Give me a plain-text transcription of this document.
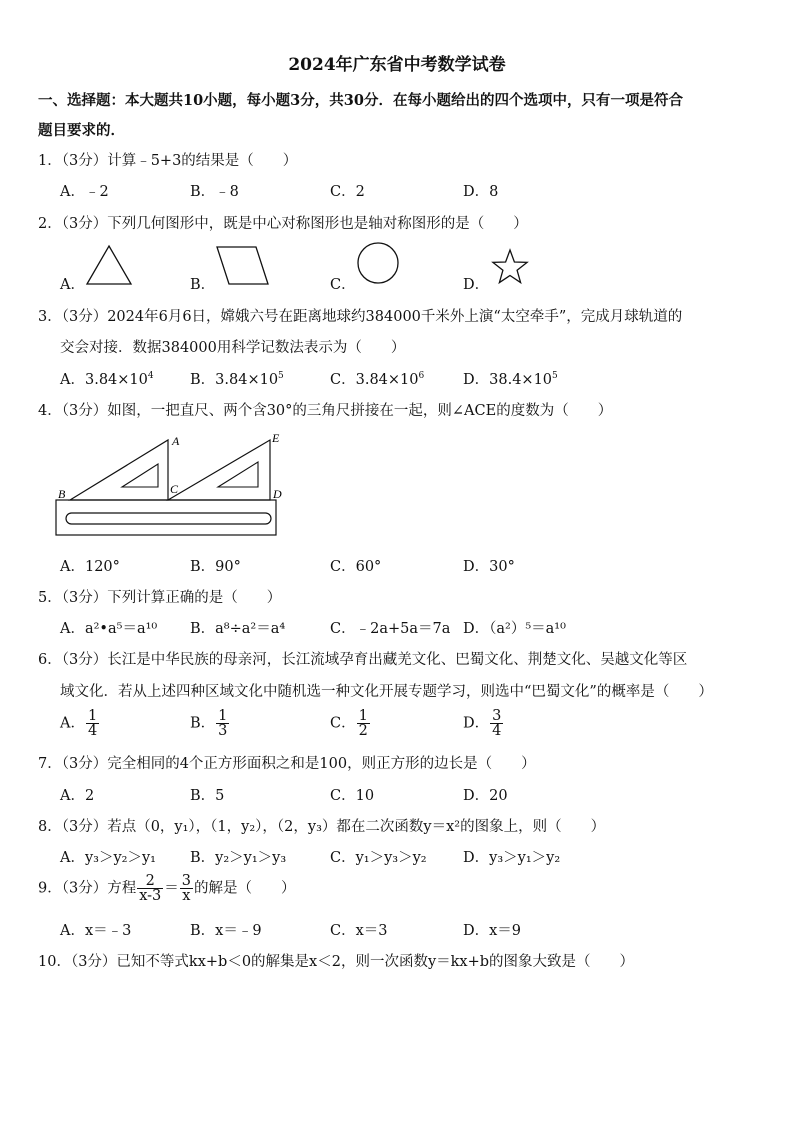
2024年广东省中考数学试卷
一、选择题：本大题共10小题，每小题3分，共30分．在每小题给出的四个选项中，只有一项是符合
题目要求的．
1．（3分）计算﹣5+3的结果是（　　）
A．﹣2	B．﹣8	C．2	D．8
2．（3分）下列几何图形中，既是中心对称图形也是轴对称图形的是（　　）
A．	B．	C．	D．
3．（3分）2024年6月6日，嫦娥六号在距离地球约384000千米外上演“太空牵手”，完成月球轨道的
交会对接．数据384000用科学记数法表示为（　　）
A．$3.84\times 10^4$	B．$3.84\times 10^5$	C．$3.84\times 10^6$	D．$38.4\times 10^5$
4．（3分）如图，一把直尺、两个含30°的三角尺拼接在一起，则∠ACE的度数为（　　）
A
B	C	D
E
A．120°	B．90°	C．60°	D．30°
5．（3分）下列计算正确的是（　　）
A．a²•a⁵＝a¹⁰ B．a⁸÷a²＝a⁴	C．﹣2a+5a＝7a D．（a²）⁵＝a¹⁰
6．（3分）长江是中华民族的母亲河，长江流域孕育出藏羌文化、巴蜀文化、荆楚文化、吴越文化等区
域文化．若从上述四种区域文化中随机选一种文化开展专题学习，则选中“巴蜀文化”的概率是（　　）
A． $\frac{1}{4}$	B． $\frac{1}{3}$	C． $\frac{1}{2}$	D． $\frac{3}{4}$
7．（3分）完全相同的4个正方形面积之和是100，则正方形的边长是（　　）
A．2	B．5	C．10	D．20
8．（3分）若点（0，y₁），（1，y₂），（2，y₃）都在二次函数y＝x²的图象上，则（　　）
A．y₃＞y₂＞y₁ B．y₂＞y₁＞y₃	C．y₁＞y₃＞y₂	D．y₃＞y₁＞y₂
9．（3分）方程 $\frac{2}{x-3} = \frac{3}{x}$ 的解是（　　）
A．x＝﹣3	B．x＝﹣9	C．x＝3	D．x＝9
10．（3分）已知不等式kx+b＜0的解集是x＜2，则一次函数y＝kx+b的图象大致是（　　）
